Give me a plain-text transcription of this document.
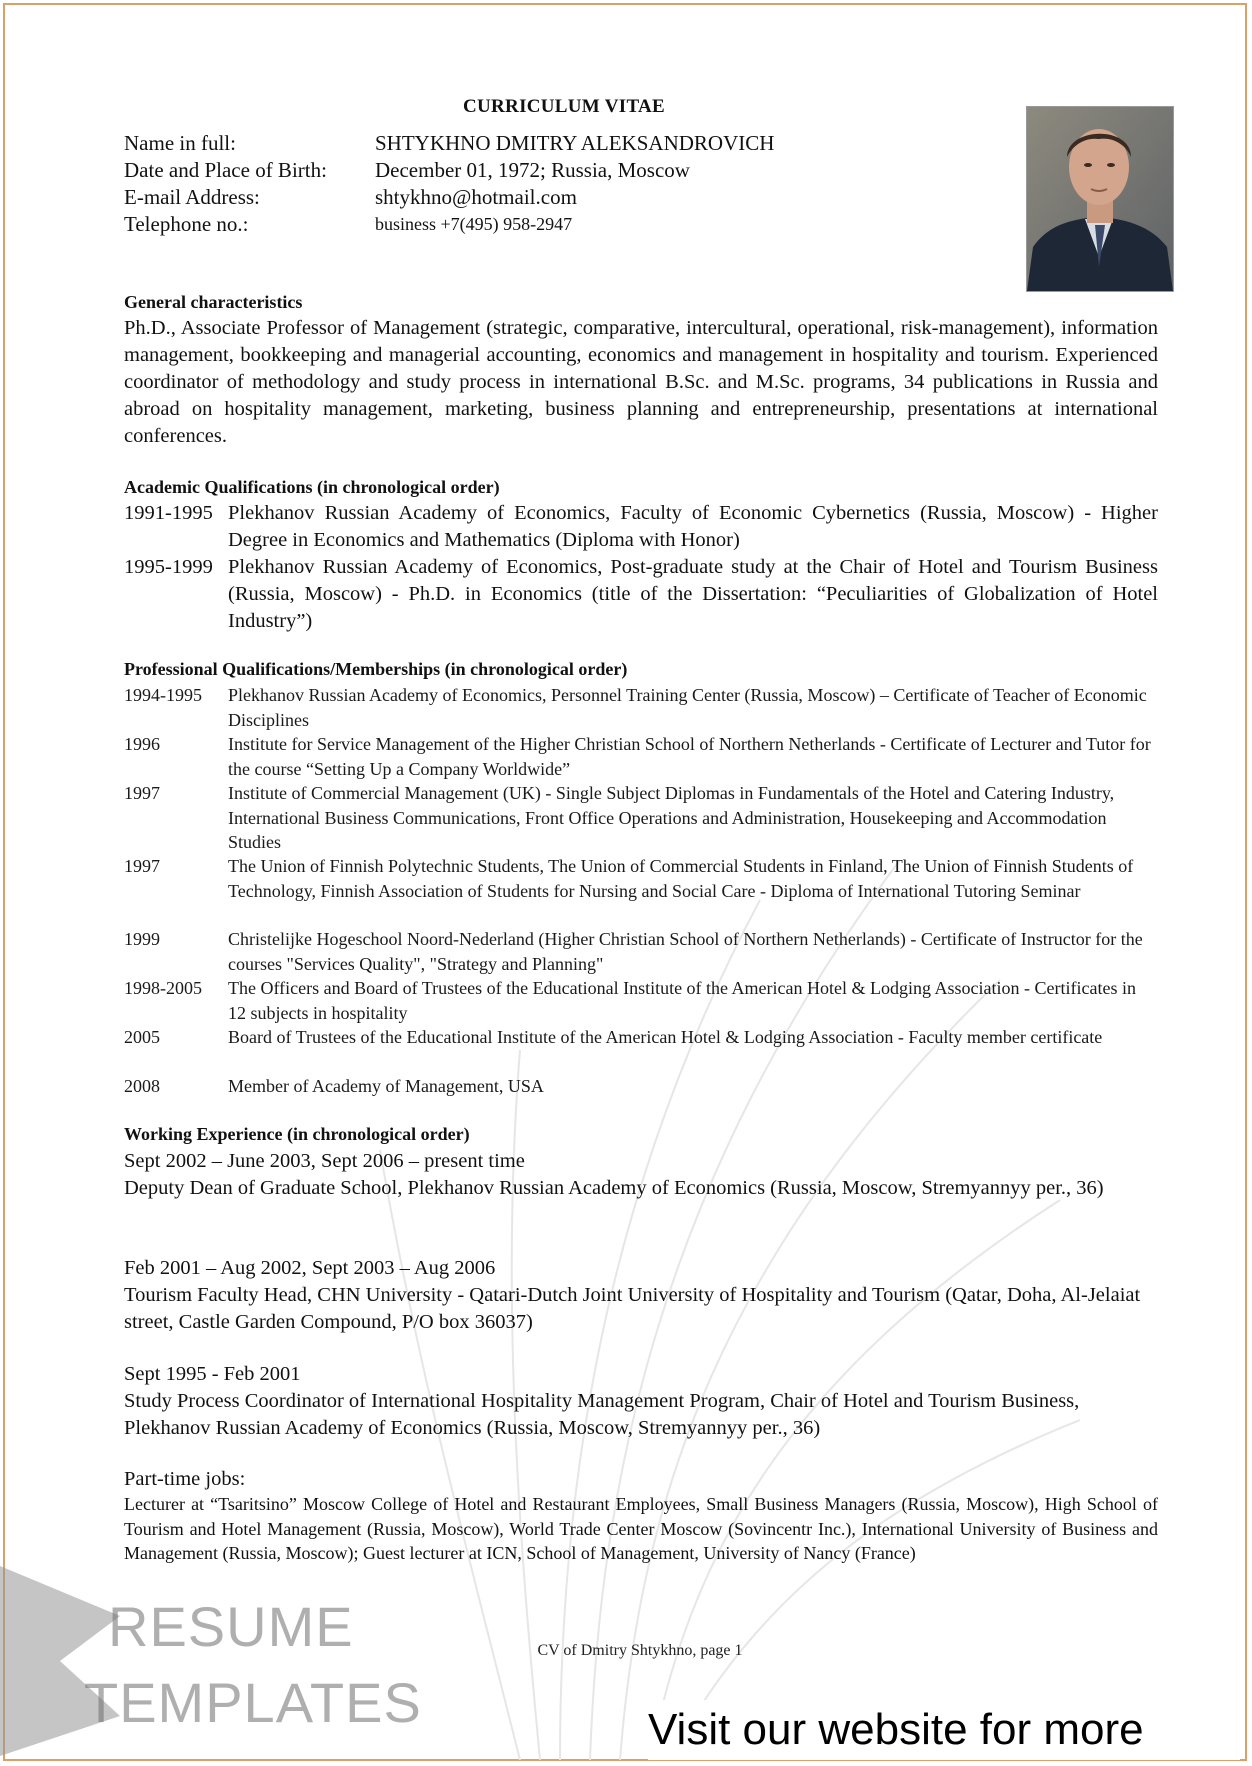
CURRICULUM VITAE
Name in full:	SHTYKHNO DMITRY ALEKSANDROVICH
Date and Place of Birth: December 01, 1972; Russia, Moscow
E-mail Address:	shtykhno@hotmail.com
Telephone no.:	business +7(495) 958-2947
General characteristics

Ph.D., Associate Professor of Management (strategic, comparative, intercultural, operational, risk-management), information management, bookkeeping and managerial accounting, economics and management in hospitality and tourism. Experienced coordinator of methodology and study process in international B.Sc. and M.Sc. programs, 34 publications in Russia and abroad on hospitality management, marketing, business planning and entrepreneurship, presentations at international conferences.

Academic Qualifications (in chronological order)
1991-1995 Plekhanov Russian Academy of Economics, Faculty of Economic Cybernetics (Russia, Moscow) - Higher Degree in Economics and Mathematics (Diploma with Honor)
1995-1999 Plekhanov Russian Academy of Economics, Post-graduate study at the Chair of Hotel and Tourism Business (Russia, Moscow) - Ph.D. in Economics (title of the Dissertation: “Peculiarities of Globalization of Hotel Industry”)
Professional Qualifications/Memberships (in chronological order)
1994-1995 Plekhanov Russian Academy of Economics, Personnel Training Center (Russia, Moscow) – Certificate of Teacher of Economic Disciplines
1996	Institute for Service Management of the Higher Christian School of Northern Netherlands - Certificate of Lecturer and Tutor for the course “Setting Up a Company Worldwide”
1997	Institute of Commercial Management (UK) - Single Subject Diplomas in Fundamentals of the Hotel and Catering Industry, International Business Communications, Front Office Operations and Administration, Housekeeping and Accommodation Studies
1997	The Union of Finnish Polytechnic Students, The Union of Commercial Students in Finland, The Union of Finnish Students of Technology, Finnish Association of Students for Nursing and Social Care - Diploma of International Tutoring Seminar
1999	Christelijke Hogeschool Noord-Nederland (Higher Christian School of Northern Netherlands) - Certificate of Instructor for the courses "Services Quality", "Strategy and Planning"
1998-2005 The Officers and Board of Trustees of the Educational Institute of the American Hotel & Lodging Association - Certificates in 12 subjects in hospitality
2005	Board of Trustees of the Educational Institute of the American Hotel & Lodging Association - Faculty member certificate
2008	Member of Academy of Management, USA
Working Experience (in chronological order)
Sept 2002 – June 2003, Sept 2006 – present time
Deputy Dean of Graduate School, Plekhanov Russian Academy of Economics (Russia, Moscow, Stremyannyy per., 36)
Feb 2001 – Aug 2002, Sept 2003 – Aug 2006
Tourism Faculty Head, CHN University - Qatari-Dutch Joint University of Hospitality and Tourism (Qatar, Doha, Al-Jelaiat street, Castle Garden Compound, P/O box 36037)
Sept 1995 - Feb 2001
Study Process Coordinator of International Hospitality Management Program, Chair of Hotel and Tourism Business, Plekhanov Russian Academy of Economics (Russia, Moscow, Stremyannyy per., 36)
Part-time jobs:
Lecturer at “Tsaritsino” Moscow College of Hotel and Restaurant Employees, Small Business Managers (Russia, Moscow), High School of Tourism and Hotel Management (Russia, Moscow), World Trade Center Moscow (Sovincentr Inc.), International University of Business and Management (Russia, Moscow); Guest lecturer at ICN, School of Management, University of Nancy (France)
CV of Dmitry Shtykhno, page 1
RESUME
TEMPLATES	Visit our website for more
